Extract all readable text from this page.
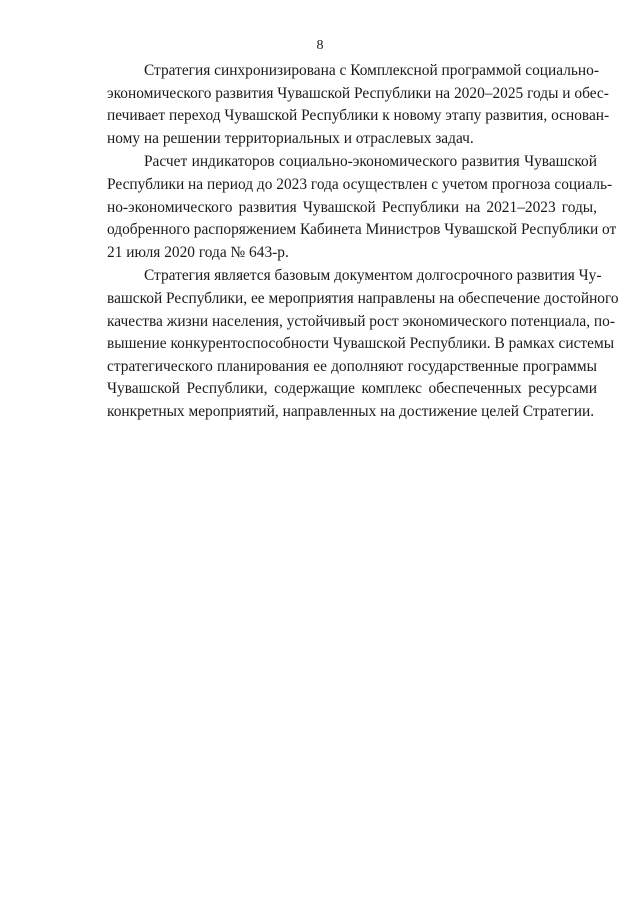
8

Стратегия синхронизирована с Комплексной программой социально-
экономического развития Чувашской Республики на 2020–2025 годы и обес-
печивает переход Чувашской Республики к новому этапу развития, основан-
ному на решении территориальных и отраслевых задач.

Расчет индикаторов социально-экономического развития Чувашской
Республики на период до 2023 года осуществлен с учетом прогноза социаль-
но-экономического развития Чувашской Республики на 2021–2023 годы,
одобренного распоряжением Кабинета Министров Чувашской Республики от
21 июля 2020 года № 643-р.

Стратегия является базовым документом долгосрочного развития Чу-
вашской Республики, ее мероприятия направлены на обеспечение достойного
качества жизни населения, устойчивый рост экономического потенциала, по-
вышение конкурентоспособности Чувашской Республики. В рамках системы
стратегического планирования ее дополняют государственные программы
Чувашской Республики, содержащие комплекс обеспеченных ресурсами
конкретных мероприятий, направленных на достижение целей Стратегии.
